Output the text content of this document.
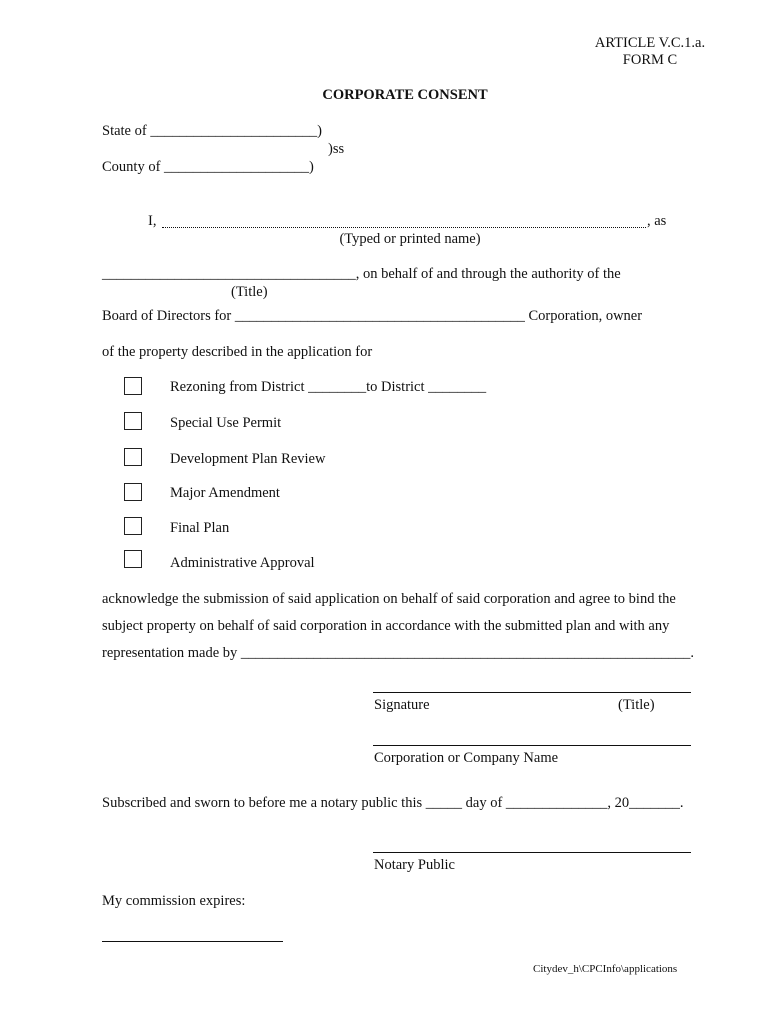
ARTICLE V.C.1.a.
FORM C
CORPORATE CONSENT
State of _______________________)
)ss
County of ____________________)
I,	, as
(Typed or printed name)
___________________________________, on behalf of and through the authority of the
(Title)
Board of Directors for ________________________________________ Corporation, owner
of the property described in the application for
Rezoning from District ________to District ________
Special Use Permit
Development Plan Review
Major Amendment
Final Plan
Administrative Approval
acknowledge the submission of said application on behalf of said corporation and agree to bind the
subject property on behalf of said corporation in accordance with the submitted plan and with any
representation made by ______________________________________________________________.
Signature	(Title)
Corporation or Company Name
Subscribed and sworn to before me a notary public this _____ day of ______________, 20_______.
Notary Public
My commission expires:
Citydev_h\CPCInfo\applications
